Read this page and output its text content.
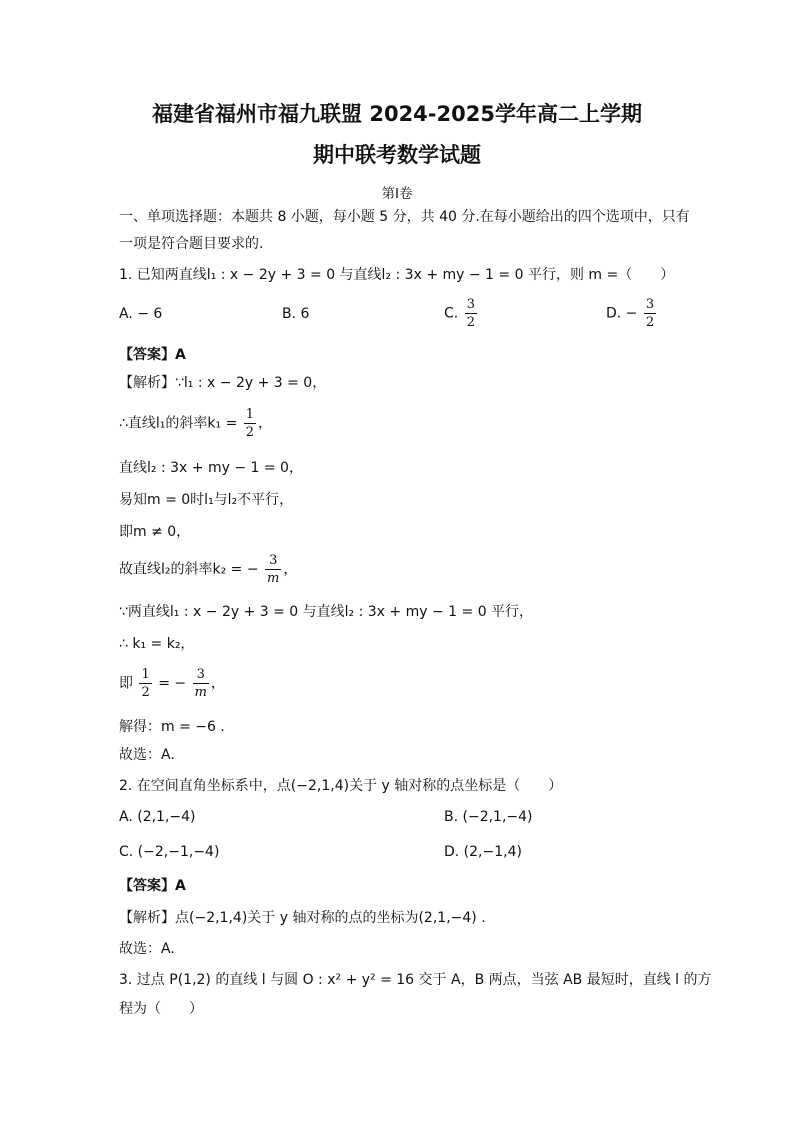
福建省福州市福九联盟 2024-2025学年高二上学期
期中联考数学试题
第Ⅰ卷
一、单项选择题：本题共 8 小题，每小题 5 分，共 40 分.在每小题给出的四个选项中，只有
一项是符合题目要求的.
1. 已知两直线l₁ : x − 2y + 3 = 0 与直线l₂ : 3x + my − 1 = 0 平行，则 m =（　　）
A. − 6	B. 6	C. $\frac{3}{2}$	D. − $\frac{3}{2}$
【答案】A
【解析】∵l₁ : x − 2y + 3 = 0，
∴直线l₁的斜率$k_1 = \frac{1}{2}$ ，
直线l₂ : 3x + my − 1 = 0，
易知m = 0时l₁与l₂不平行，
即m ≠ 0，
故直线l₂的斜率k₂ = − $\frac{3}{m}$ ，
∵两直线l₁ : x − 2y + 3 = 0 与直线l₂ : 3x + my − 1 = 0 平行，
∴ k₁ = k₂，
即 $\frac{1}{2}$ = − $\frac{3}{m}$ ，
解得：m = −6 .
故选：A.
2. 在空间直角坐标系中，点(−2,1,4)关于 y 轴对称的点坐标是（　　）
A. (2,1,−4)	B. (−2,1,−4)
C. (−2,−1,−4)	D. (2,−1,4)
【答案】A
【解析】点(−2,1,4)关于 y 轴对称的点的坐标为(2,1,−4) .
故选：A.
3. 过点 P(1,2) 的直线 l 与圆 O : x² + y² = 16 交于 A，B 两点，当弦 AB 最短时，直线 l 的方
程为（　　）
